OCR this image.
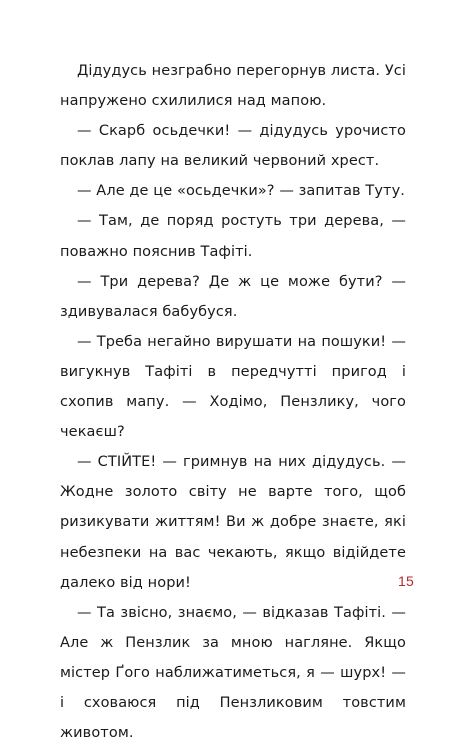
Дідудусь незграбно перегорнув листа. Усі напружено схилилися над мапою.

— Скарб осьдечки! — дідудусь урочисто поклав лапу на великий червоний хрест.

— Але де це «осьдечки»? — запитав Туту.

— Там, де поряд ростуть три дерева, — поважно пояснив Тафіті.

— Три дерева? Де ж це може бути? — здивувалася бабубуся.

— Треба негайно вирушати на пошуки! — вигукнув Тафіті в передчутті пригод і схопив мапу. — Ходімо, Пензлику, чого чекаєш?

— СТІЙТЕ! — гримнув на них дідудусь. — Жодне золото світу не варте того, щоб ризикувати життям! Ви ж добре знаєте, які небезпеки на вас чекають, якщо відійдете далеко від нори!

— Та звісно, знаємо, — відказав Тафіті. — Але ж Пензлик за мною нагляне. Якщо містер Ґого наближатиметься, я — шурх! — і сховаюся під Пензликовим товстим животом.

15
